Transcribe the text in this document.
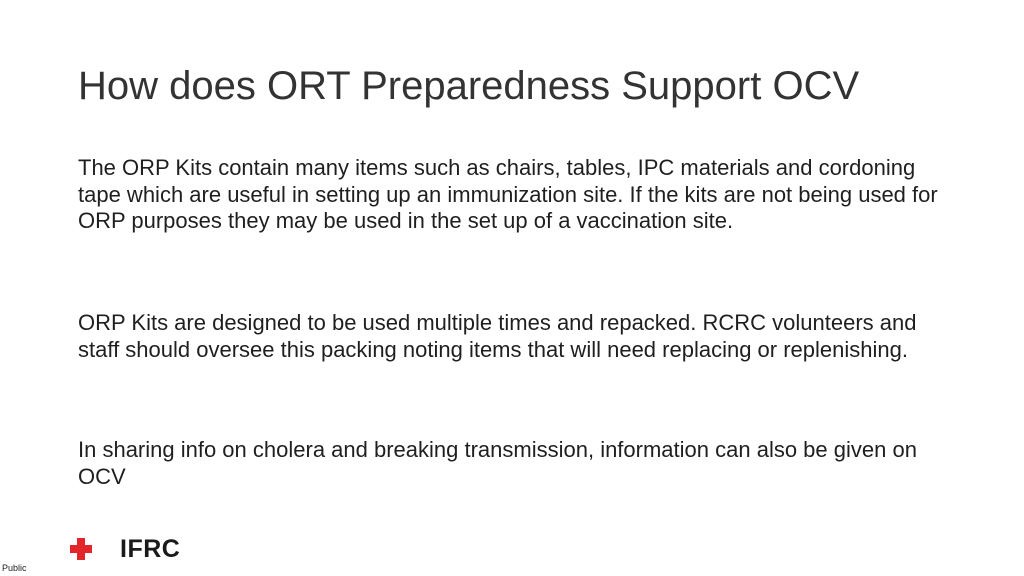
How does ORT Preparedness Support OCV

The ORP Kits contain many items such as chairs, tables, IPC materials and cordoning tape which are useful in setting up an immunization site. If the kits are not being used for ORP purposes they may be used in the set up of a vaccination site.

ORP Kits are designed to be used multiple times and repacked. RCRC volunteers and staff should oversee this packing noting items that will need replacing or replenishing.

In sharing info on cholera and breaking transmission, information can also be given on OCV

IFRC
Public
